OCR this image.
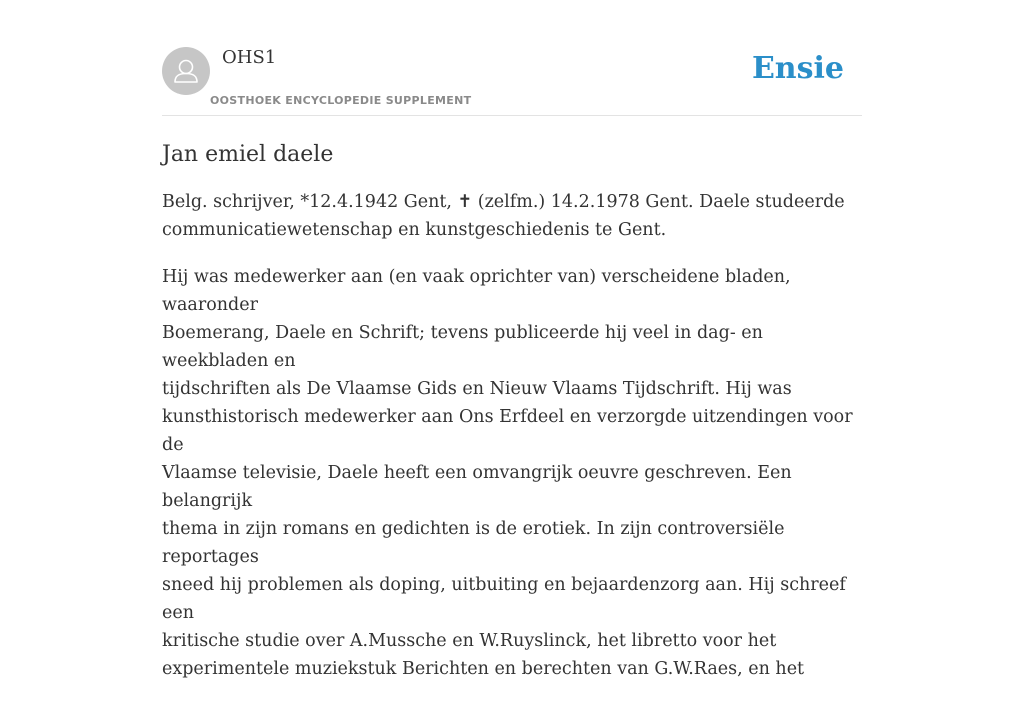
OHS1
OOSTHOEK ENCYCLOPEDIE SUPPLEMENT
Ensie
Jan emiel daele

Belg. schrijver, *12.4.1942 Gent, ✝ (zelfm.) 14.2.1978 Gent. Daele studeerde
communicatiewetenschap en kunstgeschiedenis te Gent.

Hij was medewerker aan (en vaak oprichter van) verscheidene bladen, waaronder
Boemerang, Daele en Schrift; tevens publiceerde hij veel in dag- en weekbladen en
tijdschriften als De Vlaamse Gids en Nieuw Vlaams Tijdschrift. Hij was
kunsthistorisch medewerker aan Ons Erfdeel en verzorgde uitzendingen voor de
Vlaamse televisie, Daele heeft een omvangrijk oeuvre geschreven. Een belangrijk
thema in zijn romans en gedichten is de erotiek. In zijn controversiële reportages
sneed hij problemen als doping, uitbuiting en bejaardenzorg aan. Hij schreef een
kritische studie over A.Mussche en W.Ruyslinck, het libretto voor het
experimentele muziekstuk Berichten en berechten van G.W.Raes, en het
